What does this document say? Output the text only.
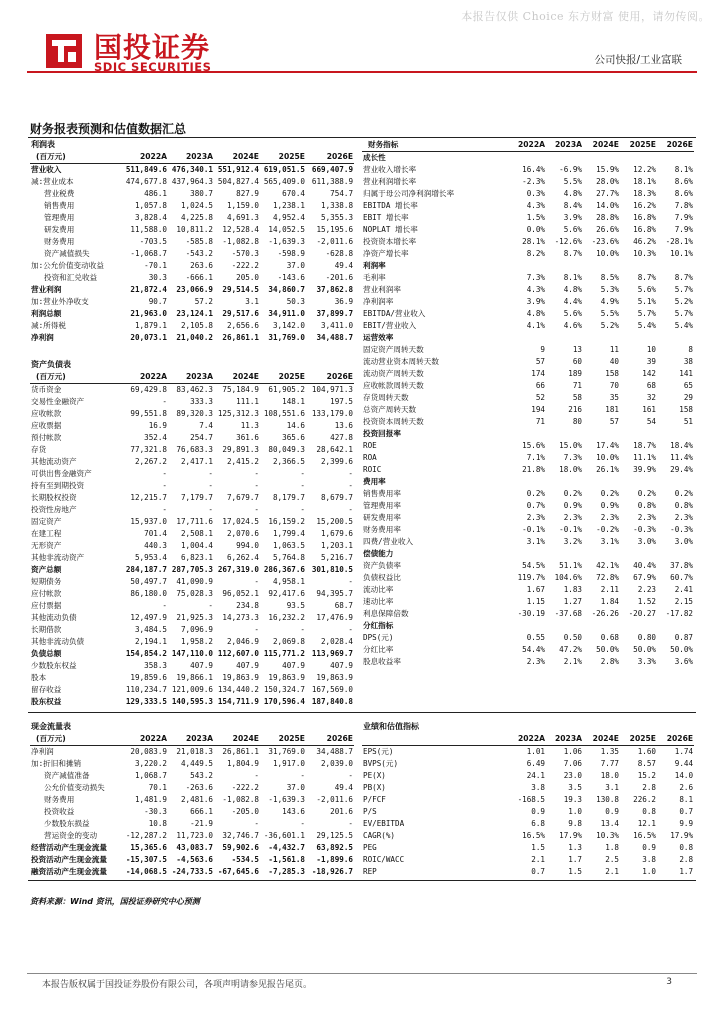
本报告仅供 Choice 东方财富 使用，请勿传阅。
国投证券
SDIC SECURITIES	公司快报/工业富联
财务报表预测和估值数据汇总
利润表					
(百万元)	2022A	2023A	2024E	2025E	2026E
营业收入	511,849.6	476,340.1	551,912.4	619,051.5	669,407.9
减:营业成本	474,677.8	437,964.3	504,827.4	565,409.0	611,388.9
营业税费	486.1	380.7	827.9	670.4	754.7
销售费用	1,057.8	1,024.5	1,159.0	1,238.1	1,338.8
管理费用	3,828.4	4,225.8	4,691.3	4,952.4	5,355.3
研发费用	11,588.0	10,811.2	12,528.4	14,052.5	15,195.6
财务费用	-703.5	-585.8	-1,082.8	-1,639.3	-2,011.6
资产减值损失	-1,068.7	-543.2	-570.3	-598.9	-628.8
加:公允价值变动收益	-70.1	263.6	-222.2	37.0	49.4
投资和汇兑收益	30.3	-666.1	205.0	-143.6	-201.6
营业利润	21,872.4	23,066.9	29,514.5	34,860.7	37,862.8
加:营业外净收支	90.7	57.2	3.1	50.3	36.9
利润总额	21,963.0	23,124.1	29,517.6	34,911.0	37,899.7
减:所得税	1,879.1	2,105.8	2,656.6	3,142.0	3,411.0
净利润	20,073.1	21,040.2	26,861.1	31,769.0	34,488.7
财务指标	2022A	2023A	2024E	2025E	2026E
成长性					
营业收入增长率	16.4%	-6.9%	15.9%	12.2%	8.1%
营业利润增长率	-2.3%	5.5%	28.0%	18.1%	8.6%
归属于母公司净利润增长率	0.3%	4.8%	27.7%	18.3%	8.6%
EBITDA 增长率	4.3%	8.4%	14.0%	16.2%	7.8%
EBIT 增长率	1.5%	3.9%	28.8%	16.8%	7.9%
NOPLAT 增长率	0.0%	5.6%	26.6%	16.8%	7.9%
投资资本增长率	28.1%	-12.6%	-23.6%	46.2%	-28.1%
净资产增长率	8.2%	8.7%	10.0%	10.3%	10.1%
利润率					
毛利率	7.3%	8.1%	8.5%	8.7%	8.7%
营业利润率	4.3%	4.8%	5.3%	5.6%	5.7%
净利润率	3.9%	4.4%	4.9%	5.1%	5.2%
EBITDA/营业收入	4.8%	5.6%	5.5%	5.7%	5.7%
EBIT/营业收入	4.1%	4.6%	5.2%	5.4%	5.4%
运营效率					
固定资产周转天数	9	13	11	10	8
流动营业资本周转天数	57	60	40	39	38
流动资产周转天数	174	189	158	142	141
应收帐款周转天数	66	71	70	68	65
存货周转天数	52	58	35	32	29
总资产周转天数	194	216	181	161	158
投资资本周转天数	71	80	57	54	51
投资回报率					
ROE	15.6%	15.0%	17.4%	18.7%	18.4%
ROA	7.1%	7.3%	10.0%	11.1%	11.4%
ROIC	21.8%	18.0%	26.1%	39.9%	29.4%
费用率					
销售费用率	0.2%	0.2%	0.2%	0.2%	0.2%
管理费用率	0.7%	0.9%	0.9%	0.8%	0.8%
研发费用率	2.3%	2.3%	2.3%	2.3%	2.3%
财务费用率	-0.1%	-0.1%	-0.2%	-0.3%	-0.3%
四费/营业收入	3.1%	3.2%	3.1%	3.0%	3.0%
偿债能力					
资产负债率	54.5%	51.1%	42.1%	40.4%	37.8%
负债权益比	119.7%	104.6%	72.8%	67.9%	60.7%
流动比率	1.67	1.83	2.11	2.23	2.41
速动比率	1.15	1.27	1.84	1.52	2.15
利息保障倍数	-30.19	-37.68	-26.26	-20.27	-17.82
分红指标					
DPS(元)	0.55	0.50	0.68	0.80	0.87
分红比率	54.4%	47.2%	50.0%	50.0%	50.0%
股息收益率	2.3%	2.1%	2.8%	3.3%	3.6%
资产负债表					
(百万元)	2022A	2023A	2024E	2025E	2026E
货币资金	69,429.8	83,462.3	75,184.9	61,905.2	104,971.3
交易性金融资产	-	333.3	111.1	148.1	197.5
应收帐款	99,551.8	89,320.3	125,312.3	108,551.6	133,179.0
应收票据	16.9	7.4	11.3	14.6	13.6
预付帐款	352.4	254.7	361.6	365.6	427.8
存货	77,321.8	76,683.3	29,891.3	80,049.3	28,642.1
其他流动资产	2,267.2	2,417.1	2,415.2	2,366.5	2,399.6
可供出售金融资产	-	-	-	-	-
持有至到期投资	-	-	-	-	-
长期股权投资	12,215.7	7,179.7	7,679.7	8,179.7	8,679.7
投资性房地产	-	-	-	-	-
固定资产	15,937.0	17,711.6	17,024.5	16,159.2	15,200.5
在建工程	701.4	2,508.1	2,070.6	1,799.4	1,679.6
无形资产	440.3	1,004.4	994.0	1,063.5	1,203.1
其他非流动资产	5,953.4	6,823.1	6,262.4	5,764.8	5,216.7
资产总额	284,187.7	287,705.3	267,319.0	286,367.6	301,810.5
短期债务	50,497.7	41,090.9	-	4,958.1	-
应付帐款	86,180.0	75,028.3	96,052.1	92,417.6	94,395.7
应付票据	-	-	234.8	93.5	68.7
其他流动负债	12,497.9	21,925.3	14,273.3	16,232.2	17,476.9
长期借款	3,484.5	7,096.9	-	-	-
其他非流动负债	2,194.1	1,958.2	2,046.9	2,069.8	2,028.4
负债总额	154,854.2	147,110.0	112,607.0	115,771.2	113,969.7
少数股东权益	358.3	407.9	407.9	407.9	407.9
股本	19,859.6	19,866.1	19,863.9	19,863.9	19,863.9
留存收益	110,234.7	121,009.6	134,440.2	150,324.7	167,569.0
股东权益	129,333.5	140,595.3	154,711.9	170,596.4	187,840.8
现金流量表					
(百万元)	2022A	2023A	2024E	2025E	2026E
净利润	20,083.9	21,018.3	26,861.1	31,769.0	34,488.7
加:折旧和摊销	3,220.2	4,449.5	1,804.9	1,917.0	2,039.0
资产减值准备	1,068.7	543.2	-	-	-
公允价值变动损失	70.1	-263.6	-222.2	37.0	49.4
财务费用	1,481.9	2,481.6	-1,082.8	-1,639.3	-2,011.6
投资收益	-30.3	666.1	-205.0	143.6	201.6
少数股东损益	10.8	-21.9	-	-	-
营运资金的变动	-12,287.2	11,723.0	32,746.7	-36,601.1	29,125.5
经营活动产生现金流量	15,365.6	43,083.7	59,902.6	-4,432.7	63,892.5
投资活动产生现金流量	-15,307.5	-4,563.6	-534.5	-1,561.8	-1,899.6
融资活动产生现金流量	-14,068.5	-24,733.5	-67,645.6	-7,285.3	-18,926.7
业绩和估值指标					
	2022A	2023A	2024E	2025E	2026E
EPS(元)	1.01	1.06	1.35	1.60	1.74
BVPS(元)	6.49	7.06	7.77	8.57	9.44
PE(X)	24.1	23.0	18.0	15.2	14.0
PB(X)	3.8	3.5	3.1	2.8	2.6
P/FCF	-168.5	19.3	130.8	226.2	8.1
P/S	0.9	1.0	0.9	0.8	0.7
EV/EBITDA	6.8	9.8	13.4	12.1	9.9
CAGR(%)	16.5%	17.9%	10.3%	16.5%	17.9%
PEG	1.5	1.3	1.8	0.9	0.8
ROIC/WACC	2.1	1.7	2.5	3.8	2.8
REP	0.7	1.5	2.1	1.0	1.7
资料来源：Wind 资讯，国投证券研究中心预测
本报告版权属于国投证券股份有限公司，各项声明请参见报告尾页。	3
